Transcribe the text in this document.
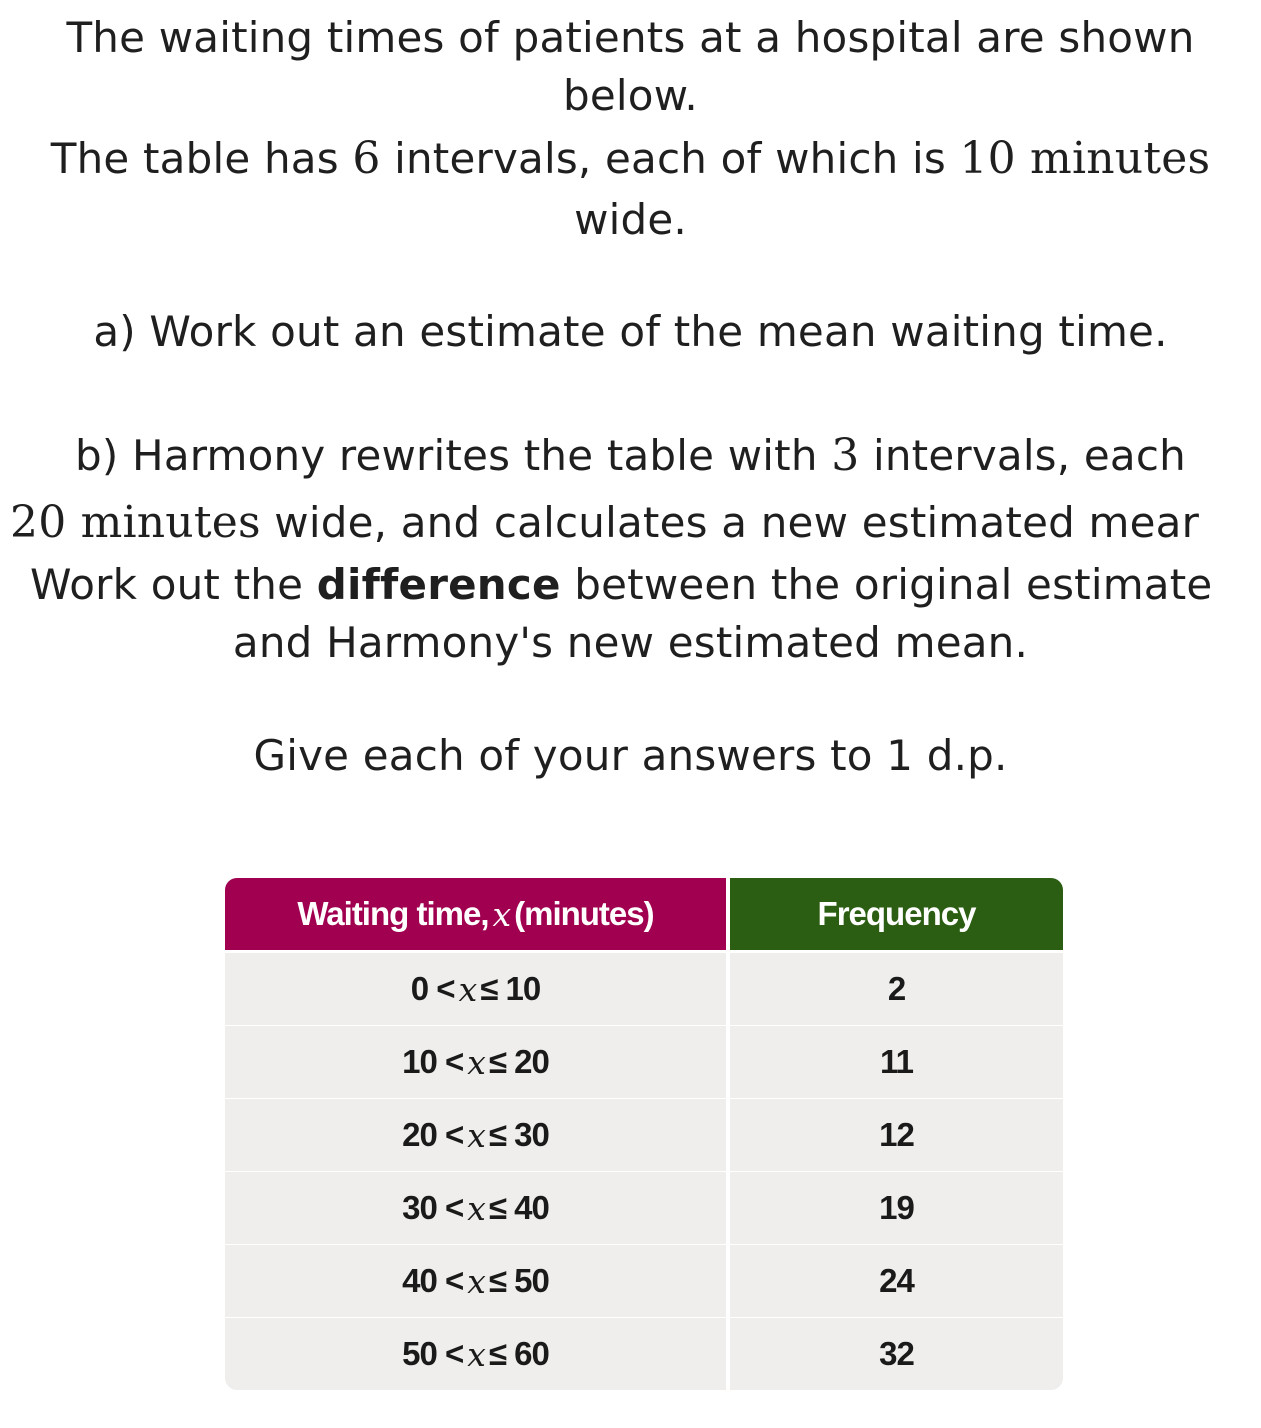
The waiting times of patients at a hospital are shown
below.
The table has 6 intervals, each of which is 10 minutes
wide.
a) Work out an estimate of the mean waiting time.
b) Harmony rewrites the table with 3 intervals, each
20 minutes wide, and calculates a new estimated mear
Work out the difference between the original estimate
and Harmony's new estimated mean.
Give each of your answers to 1 d.p.
Waiting time, x (minutes)	Frequency
0 < x ≤ 10	2
10 < x ≤ 20	11
20 < x ≤ 30	12
30 < x ≤ 40	19
40 < x ≤ 50	24
50 < x ≤ 60	32
